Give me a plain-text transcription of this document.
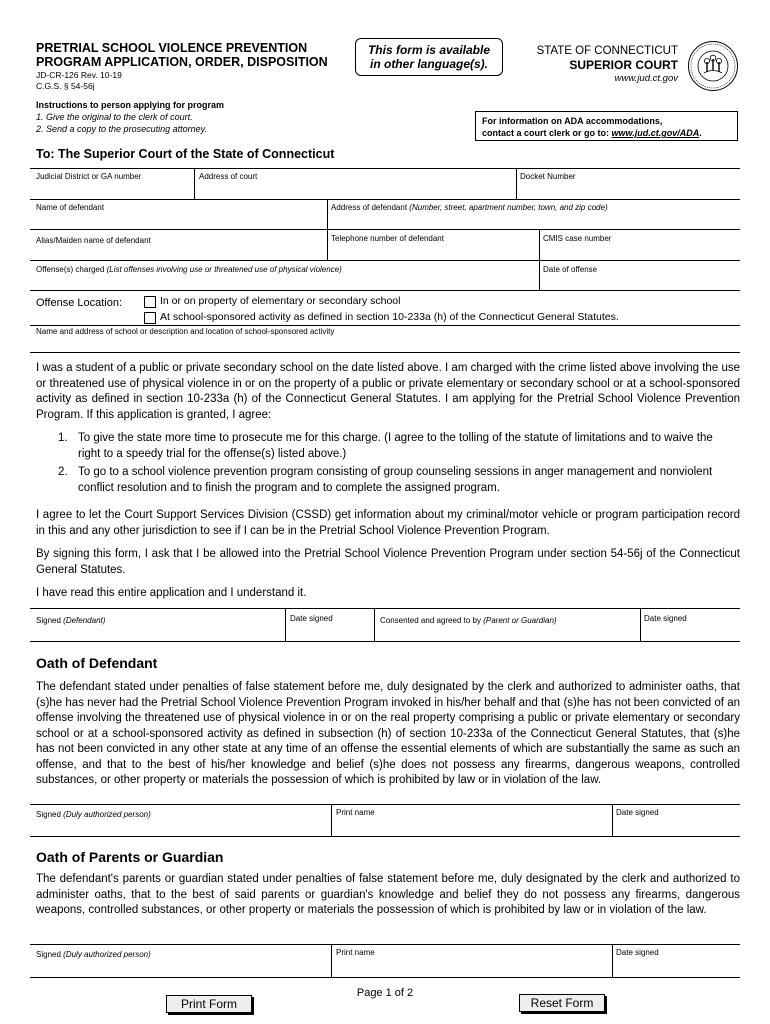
PRETRIAL SCHOOL VIOLENCE PREVENTION
PROGRAM APPLICATION, ORDER, DISPOSITION
JD-CR-126 Rev. 10-19
C.G.S. § 54-56j
This form is available
in other language(s).
STATE OF CONNECTICUT
SUPERIOR COURT
www.jud.ct.gov
Instructions to person applying for program
1. Give the original to the clerk of court.
2. Send a copy to the prosecuting attorney.
For information on ADA accommodations,
contact a court clerk or go to: www.jud.ct.gov/ADA.
To: The Superior Court of the State of Connecticut
Judicial District or GA number	Address of court	Docket Number
Name of defendant	Address of defendant (Number, street, apartment number, town, and zip code)
Alias/Maiden name of defendant	Telephone number of defendant	CMIS case number
Offense(s) charged (List offenses involving use or threatened use of physical violence)	Date of offense
Offense Location:	In or on property of elementary or secondary school
At school-sponsored activity as defined in section 10-233a (h) of the Connecticut General Statutes.
Name and address of school or description and location of school-sponsored activity
I was a student of a public or private secondary school on the date listed above. I am charged with the crime listed above involving the use or threatened use of physical violence in or on the property of a public or private elementary or secondary school or at a school-sponsored activity as defined in section 10-233a (h) of the Connecticut General Statutes. I am applying for the Pretrial School Violence Prevention Program. If this application is granted, I agree:
1. To give the state more time to prosecute me for this charge. (I agree to the tolling of the statute of limitations and to waive the right to a speedy trial for the offense(s) listed above.)
2. To go to a school violence prevention program consisting of group counseling sessions in anger management and nonviolent conflict resolution and to finish the program and to complete the assigned program.
I agree to let the Court Support Services Division (CSSD) get information about my criminal/motor vehicle or program participation record in this and any other jurisdiction to see if I can be in the Pretrial School Violence Prevention Program.
By signing this form, I ask that I be allowed into the Pretrial School Violence Prevention Program under section 54-56j of the Connecticut General Statutes.
I have read this entire application and I understand it.
Signed (Defendant)	Date signed	Consented and agreed to by (Parent or Guardian)	Date signed
Oath of Defendant
The defendant stated under penalties of false statement before me, duly designated by the clerk and authorized to administer oaths, that (s)he has never had the Pretrial School Violence Prevention Program invoked in his/her behalf and that (s)he has not been convicted of an offense involving the threatened use of physical violence in or on the real property comprising a public or private elementary or secondary school or at a school-sponsored activity as defined in subsection (h) of section 10-233a of the Connecticut General Statutes, that (s)he has not been convicted in any other state at any time of an offense the essential elements of which are substantially the same as such an offense, and that to the best of his/her knowledge and belief (s)he does not possess any firearms, dangerous weapons, controlled substances, or other property or materials the possession of which is prohibited by law or in violation of the law.
Signed (Duly authorized person)	Print name	Date signed
Oath of Parents or Guardian
The defendant's parents or guardian stated under penalties of false statement before me, duly designated by the clerk and authorized to administer oaths, that to the best of said parents or guardian's knowledge and belief they do not possess any firearms, dangerous weapons, controlled substances, or other property or materials the possession of which is prohibited by law or in violation of the law.
Signed (Duly authorized person)	Print name	Date signed
Page 1 of 2
Print Form	Reset Form
